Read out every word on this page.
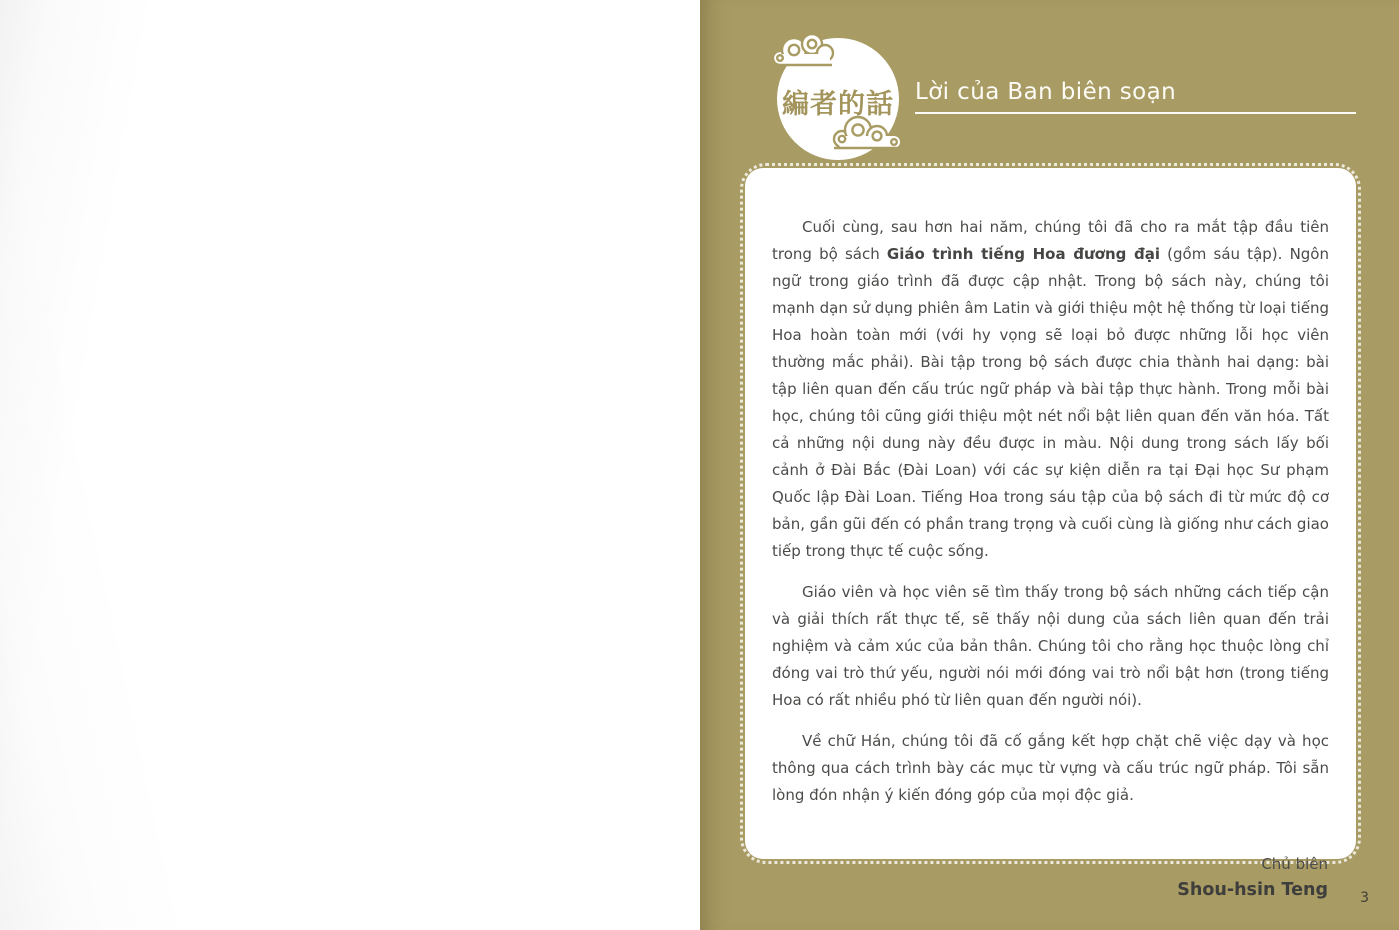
編者的話 Lời của Ban biên soạn

Cuối cùng, sau hơn hai năm, chúng tôi đã cho ra mắt tập đầu tiên trong bộ sách Giáo trình tiếng Hoa đương đại (gồm sáu tập). Ngôn ngữ trong giáo trình đã được cập nhật. Trong bộ sách này, chúng tôi mạnh dạn sử dụng phiên âm Latin và giới thiệu một hệ thống từ loại tiếng Hoa hoàn toàn mới (với hy vọng sẽ loại bỏ được những lỗi học viên thường mắc phải). Bài tập trong bộ sách được chia thành hai dạng: bài tập liên quan đến cấu trúc ngữ pháp và bài tập thực hành. Trong mỗi bài học, chúng tôi cũng giới thiệu một nét nổi bật liên quan đến văn hóa. Tất cả những nội dung này đều được in màu. Nội dung trong sách lấy bối cảnh ở Đài Bắc (Đài Loan) với các sự kiện diễn ra tại Đại học Sư phạm Quốc lập Đài Loan. Tiếng Hoa trong sáu tập của bộ sách đi từ mức độ cơ bản, gần gũi đến có phần trang trọng và cuối cùng là giống như cách giao tiếp trong thực tế cuộc sống.

Giáo viên và học viên sẽ tìm thấy trong bộ sách những cách tiếp cận và giải thích rất thực tế, sẽ thấy nội dung của sách liên quan đến trải nghiệm và cảm xúc của bản thân. Chúng tôi cho rằng học thuộc lòng chỉ đóng vai trò thứ yếu, người nói mới đóng vai trò nổi bật hơn (trong tiếng Hoa có rất nhiều phó từ liên quan đến người nói).

Về chữ Hán, chúng tôi đã cố gắng kết hợp chặt chẽ việc dạy và học thông qua cách trình bày các mục từ vựng và cấu trúc ngữ pháp. Tôi sẵn lòng đón nhận ý kiến đóng góp của mọi độc giả.

Chủ biên
Shou-hsin Teng 3
